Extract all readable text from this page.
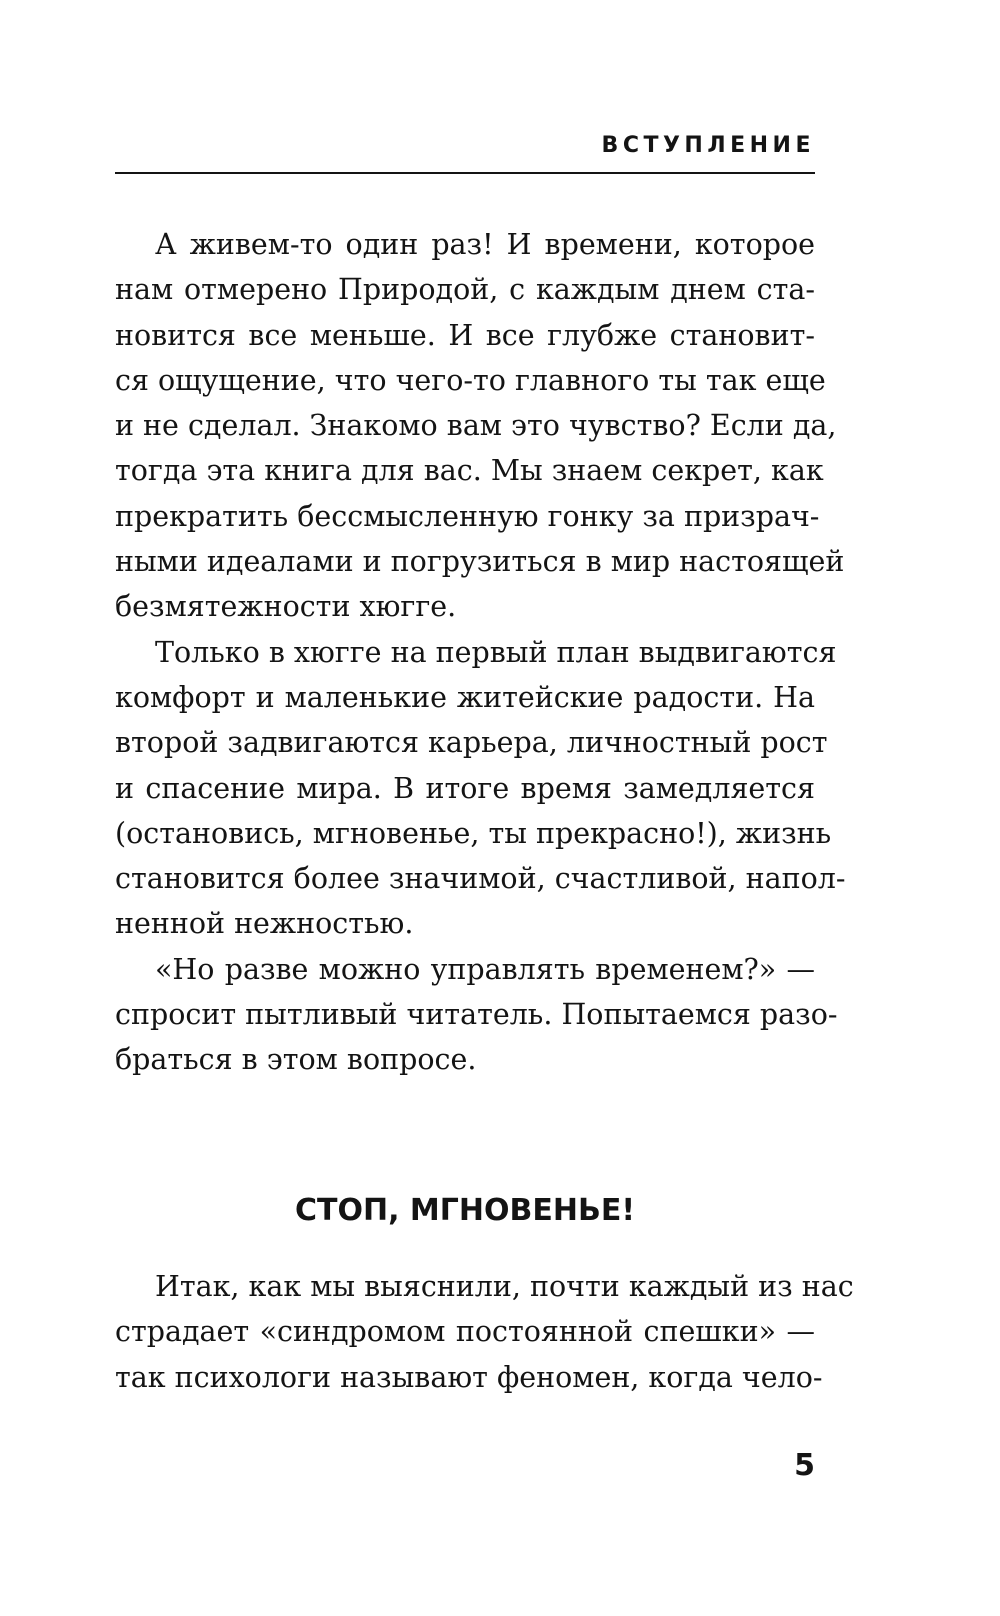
ВСТУПЛЕНИЕ
А живем-то один раз! И времени, которое
нам отмерено Природой, с каждым днем ста-
новится все меньше. И все глубже становит-
ся ощущение, что чего-то главного ты так еще
и не сделал. Знакомо вам это чувство? Если да,
тогда эта книга для вас. Мы знаем секрет, как
прекратить бессмысленную гонку за призрач-
ными идеалами и погрузиться в мир настоящей
безмятежности хюгге.
Только в хюгге на первый план выдвигаются
комфорт и маленькие житейские радости. На
второй задвигаются карьера, личностный рост
и спасение мира. В итоге время замедляется
(остановись, мгновенье, ты прекрасно!), жизнь
становится более значимой, счастливой, напол-
ненной нежностью.
«Но разве можно управлять временем?» —
спросит пытливый читатель. Попытаемся разо-
браться в этом вопросе.
СТОП, МГНОВЕНЬЕ!
Итак, как мы выяснили, почти каждый из нас
страдает «синдромом постоянной спешки» —
так психологи называют феномен, когда чело-
5
